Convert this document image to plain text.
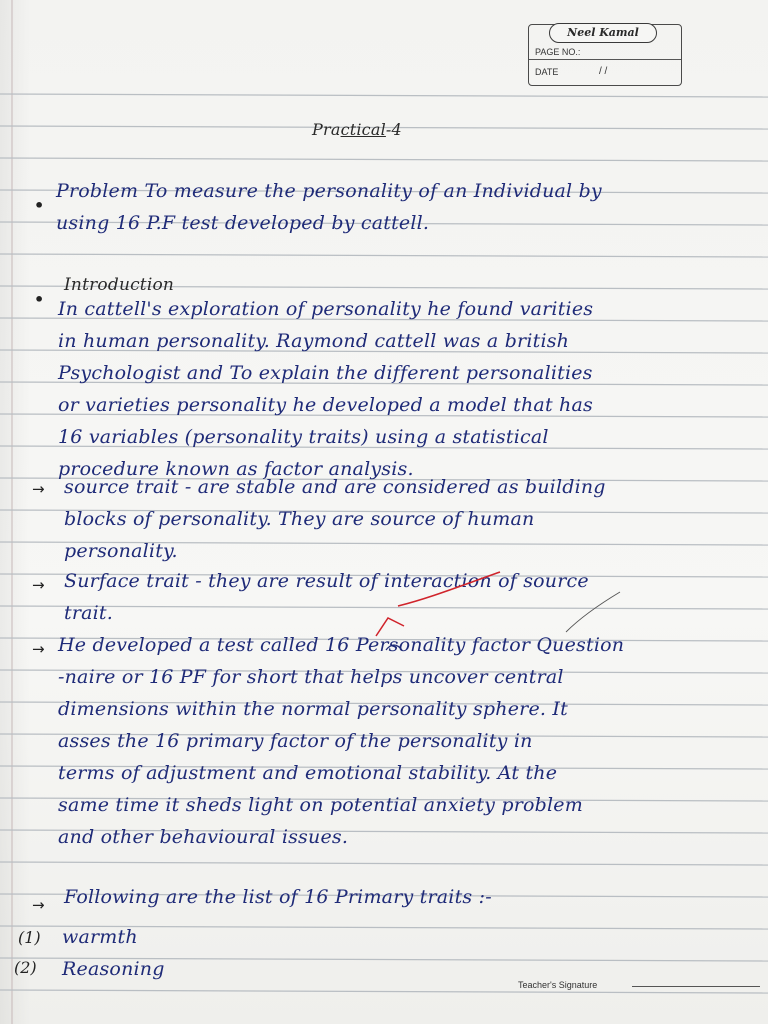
Neel Kamal
PAGE NO.:
DATE	/ /
Practical-4
•
Problem To measure the personality of an Individual by
using 16 P.F test developed by cattell.
•
Introduction
In cattell's exploration of personality he found varities
in human personality. Raymond cattell was a british
Psychologist and To explain the different personalities
or varieties personality he developed a model that has
16 variables (personality traits) using a statistical
procedure known as factor analysis.
→ source trait - are stable and are considered as building
blocks of personality. They are source of human
personality.
→ Surface trait - they are result of interaction of source
trait.
→ He developed a test called 16 Personality factor Question
-naire or 16 PF for short that helps uncover central
dimensions within the normal personality sphere. It
asses the 16 primary factor of the personality in
terms of adjustment and emotional stability. At the
same time it sheds light on potential anxiety problem
and other behavioural issues.
→ Following are the list of 16 Primary traits :-
(1) warmth
(2) Reasoning
Teacher's Signature
